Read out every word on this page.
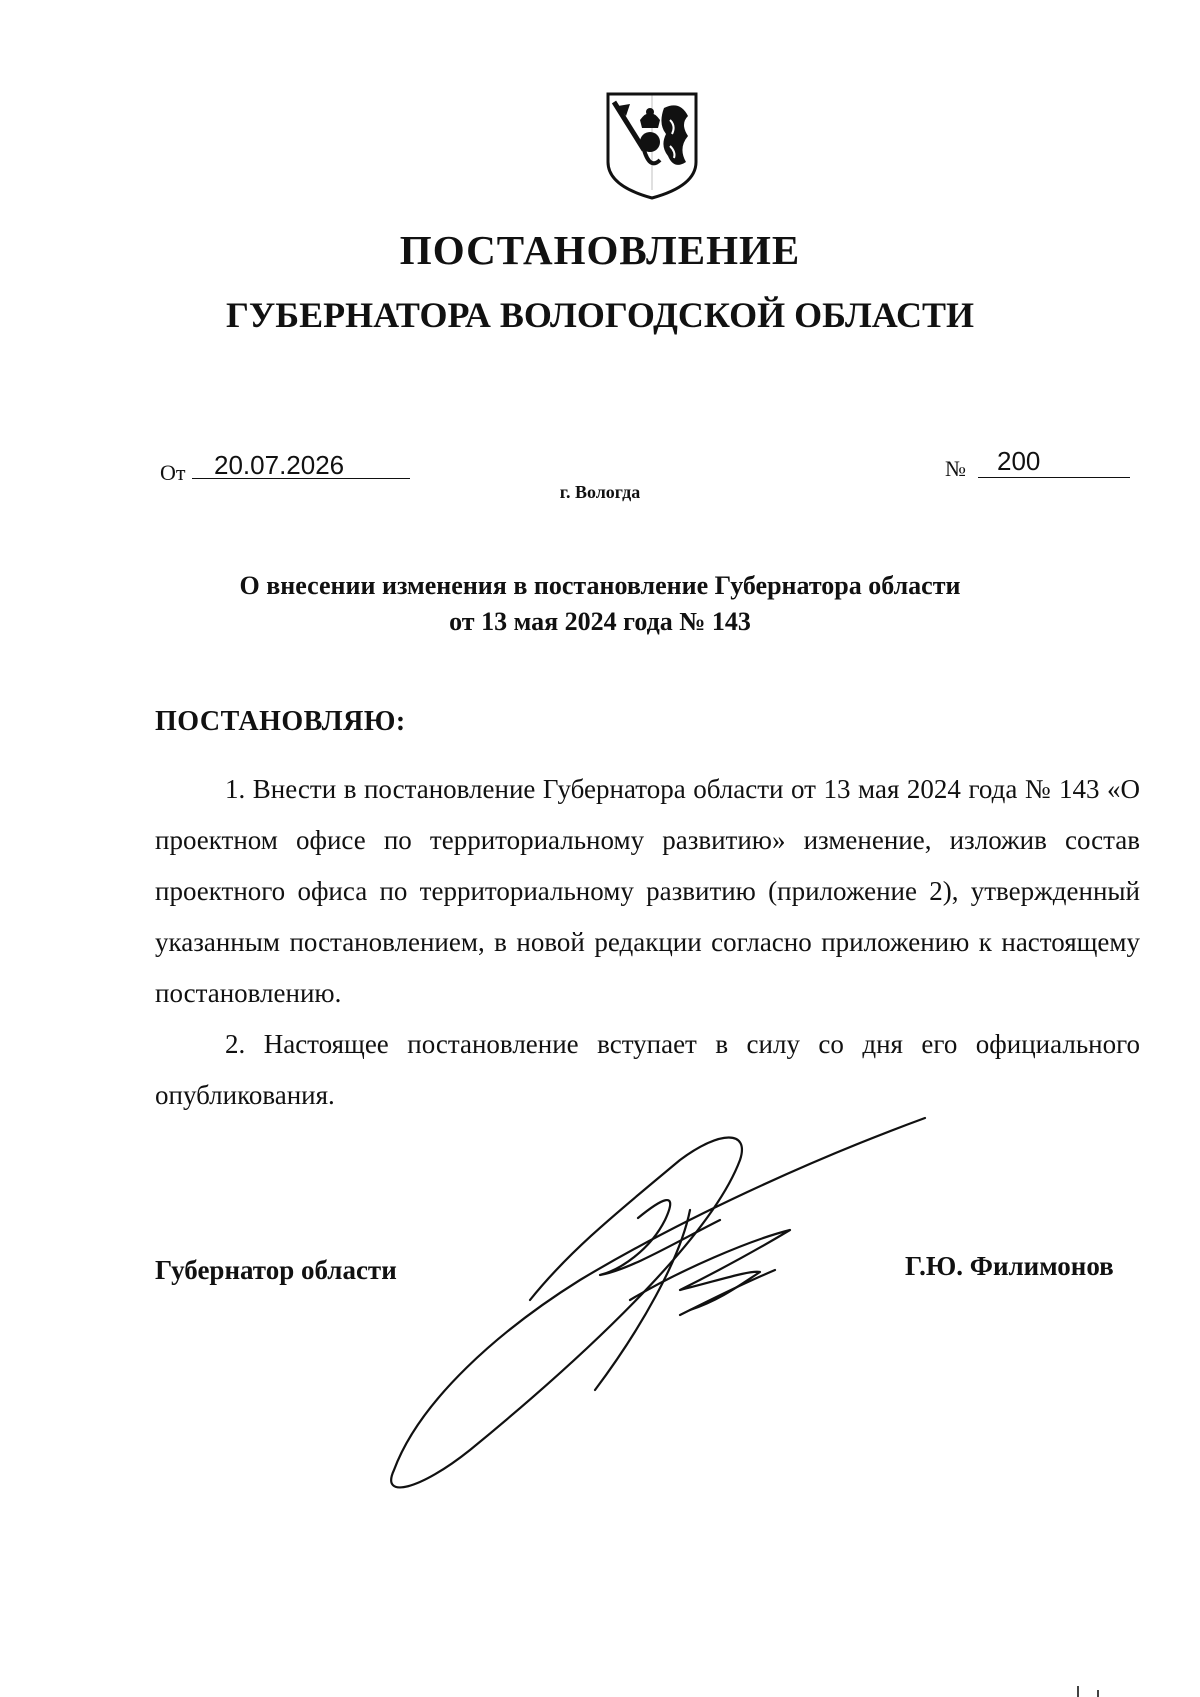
ПОСТАНОВЛЕНИЕ
ГУБЕРНАТОРА ВОЛОГОДСКОЙ ОБЛАСТИ
От 20.07.2026	№ 200
г. Вологда
О внесении изменения в постановление Губернатора области
от 13 мая 2024 года № 143
ПОСТАНОВЛЯЮ:

1. Внести в постановление Губернатора области от 13 мая 2024 года № 143 «О проектном офисе по территориальному развитию» изменение, изложив состав проектного офиса по территориальному развитию (приложение 2), утвержденный указанным постановлением, в новой редакции согласно приложению к настоящему постановлению.

2. Настоящее постановление вступает в силу со дня его официального опубликования.

Губернатор области	Г.Ю. Филимонов
